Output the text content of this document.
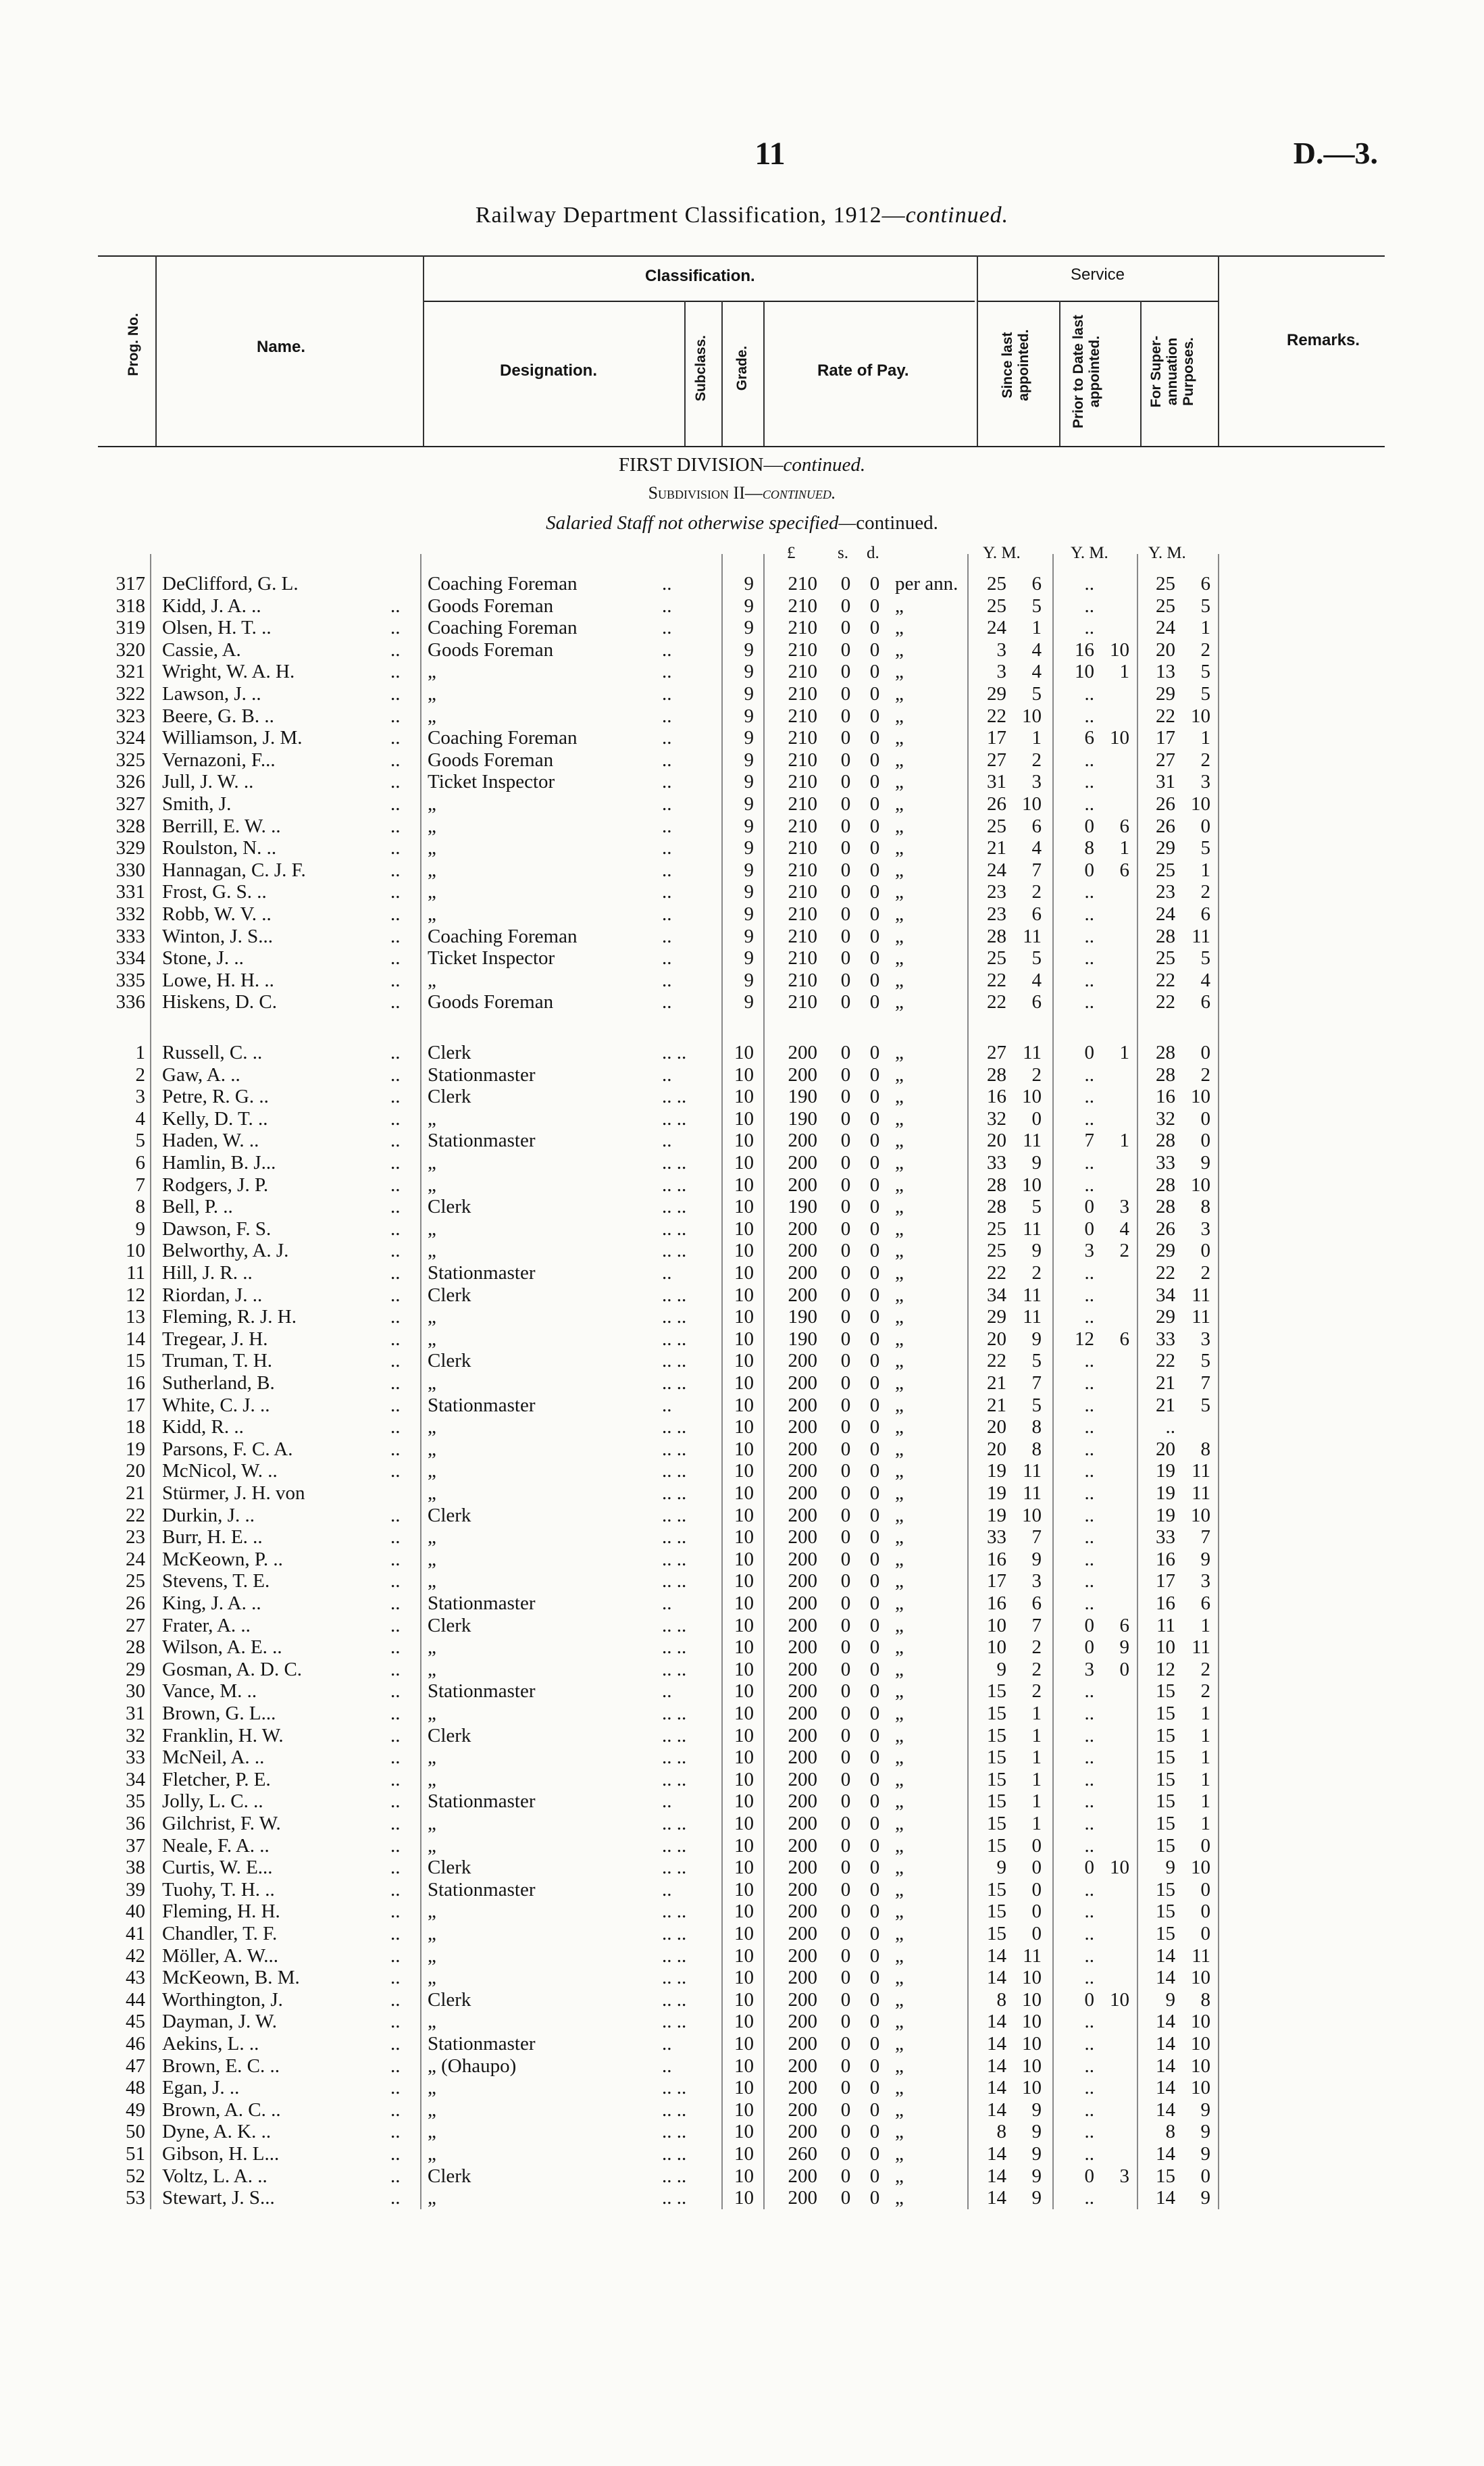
11	D.—3.
Railway Department Classification, 1912—continued.
Prog. No.	Name.
Classification.
Designation.	Subclass. Grade.	Rate of Pay.
Service
Since last appointed.	Prior to Date last appointed.	For Super-annuation Purposes.	Remarks.
FIRST DIVISION—continued.
Subdivision II—continued.
Salaried Staff not otherwise specified—continued.
£	s. d.	Y. M.	Y. M. Y. M.
317 DeClifford, G. L.	Coaching Foreman	..	9	210 0 0 per ann.	25	6	..	25	6
318 Kidd, J. A. ..	.. Goods Foreman	..	9	210 0 0 „	25	5	..	25	5
319 Olsen, H. T. ..	.. Coaching Foreman	..	9	210 0 0 „	24	1	..	24	1
320 Cassie, A.	.. Goods Foreman	..	9	210 0 0 „	3	4	16 10	20	2
321 Wright, W. A. H.	.. „	..	9	210 0 0 „	3	4	10	1	13	5
322 Lawson, J. ..	.. „	..	9	210 0 0 „	29	5	..	29	5
323 Beere, G. B. ..	.. „	..	9	210 0 0 „	22 10	..	22 10
324 Williamson, J. M.	.. Coaching Foreman	..	9	210 0 0 „	17	1	6 10	17	1
325 Vernazoni, F...	.. Goods Foreman	..	9	210 0 0 „	27	2	..	27	2
326 Jull, J. W. ..	.. Ticket Inspector	..	9	210 0 0 „	31	3	..	31	3
327 Smith, J.	.. „	..	9	210 0 0 „	26 10	..	26 10
328 Berrill, E. W. ..	.. „	..	9	210 0 0 „	25	6	0	6	26	0
329 Roulston, N. ..	.. „	..	9	210 0 0 „	21	4	8	1	29	5
330 Hannagan, C. J. F.	.. „	..	9	210 0 0 „	24	7	0	6	25	1
331 Frost, G. S. ..	.. „	..	9	210 0 0 „	23	2	..	23	2
332 Robb, W. V. ..	.. „	..	9	210 0 0 „	23	6	..	24	6
333 Winton, J. S...	.. Coaching Foreman	..	9	210 0 0 „	28 11	..	28 11
334 Stone, J. ..	.. Ticket Inspector	..	9	210 0 0 „	25	5	..	25	5
335 Lowe, H. H. ..	.. „	..	9	210 0 0 „	22	4	..	22	4
336 Hiskens, D. C.	.. Goods Foreman	..	9	210 0 0 „	22	6	..	22	6
1 Russell, C. ..	.. Clerk	.. ..	10	200 0 0 „	27 11	0	1	28	0
2 Gaw, A. ..	.. Stationmaster	..	10	200 0 0 „	28	2	..	28	2
3 Petre, R. G. ..	.. Clerk	.. ..	10	190 0 0 „	16 10	..	16 10
4 Kelly, D. T. ..	.. „	.. ..	10	190 0 0 „	32	0	..	32	0
5 Haden, W. ..	.. Stationmaster	..	10	200 0 0 „	20 11	7	1	28	0
6 Hamlin, B. J...	.. „	.. ..	10	200 0 0 „	33	9	..	33	9
7 Rodgers, J. P.	.. „	.. ..	10	200 0 0 „	28 10	..	28 10
8 Bell, P. ..	.. Clerk	.. ..	10	190 0 0 „	28	5	0	3	28	8
9 Dawson, F. S.	.. „	.. ..	10	200 0 0 „	25 11	0	4	26	3
10 Belworthy, A. J.	.. „	.. ..	10	200 0 0 „	25	9	3	2	29	0
11 Hill, J. R. ..	.. Stationmaster	..	10	200 0 0 „	22	2	..	22	2
12 Riordan, J. ..	.. Clerk	.. ..	10	200 0 0 „	34 11	..	34 11
13 Fleming, R. J. H.	.. „	.. ..	10	190 0 0 „	29 11	..	29 11
14 Tregear, J. H.	.. „	.. ..	10	190 0 0 „	20	9	12	6	33	3
15 Truman, T. H.	.. Clerk	.. ..	10	200 0 0 „	22	5	..	22	5
16 Sutherland, B.	.. „	.. ..	10	200 0 0 „	21	7	..	21	7
17 White, C. J. ..	.. Stationmaster	..	10	200 0 0 „	21	5	..	21	5
18 Kidd, R. ..	.. „	.. ..	10	200 0 0 „	20	8	..	..
19 Parsons, F. C. A.	.. „	.. ..	10	200 0 0 „	20	8	..	20	8
20 McNicol, W. ..	.. „	.. ..	10	200 0 0 „	19 11	..	19 11
21 Stürmer, J. H. von	„	.. ..	10	200 0 0 „	19 11	..	19 11
22 Durkin, J. ..	.. Clerk	.. ..	10	200 0 0 „	19 10	..	19 10
23 Burr, H. E. ..	.. „	.. ..	10	200 0 0 „	33	7	..	33	7
24 McKeown, P. ..	.. „	.. ..	10	200 0 0 „	16	9	..	16	9
25 Stevens, T. E.	.. „	.. ..	10	200 0 0 „	17	3	..	17	3
26 King, J. A. ..	.. Stationmaster	..	10	200 0 0 „	16	6	..	16	6
27 Frater, A. ..	.. Clerk	.. ..	10	200 0 0 „	10	7	0	6	11	1
28 Wilson, A. E. ..	.. „	.. ..	10	200 0 0 „	10	2	0	9	10 11
29 Gosman, A. D. C.	.. „	.. ..	10	200 0 0 „	9	2	3	0	12	2
30 Vance, M. ..	.. Stationmaster	..	10	200 0 0 „	15	2	..	15	2
31 Brown, G. L...	.. „	.. ..	10	200 0 0 „	15	1	..	15	1
32 Franklin, H. W.	.. Clerk	.. ..	10	200 0 0 „	15	1	..	15	1
33 McNeil, A. ..	.. „	.. ..	10	200 0 0 „	15	1	..	15	1
34 Fletcher, P. E.	.. „	.. ..	10	200 0 0 „	15	1	..	15	1
35 Jolly, L. C. ..	.. Stationmaster	..	10	200 0 0 „	15	1	..	15	1
36 Gilchrist, F. W.	.. „	.. ..	10	200 0 0 „	15	1	..	15	1
37 Neale, F. A. ..	.. „	.. ..	10	200 0 0 „	15	0	..	15	0
38 Curtis, W. E...	.. Clerk	.. ..	10	200 0 0 „	9	0	0 10	9 10
39 Tuohy, T. H. ..	.. Stationmaster	..	10	200 0 0 „	15	0	..	15	0
40 Fleming, H. H.	.. „	.. ..	10	200 0 0 „	15	0	..	15	0
41 Chandler, T. F.	.. „	.. ..	10	200 0 0 „	15	0	..	15	0
42 Möller, A. W...	.. „	.. ..	10	200 0 0 „	14 11	..	14 11
43 McKeown, B. M.	.. „	.. ..	10	200 0 0 „	14 10	..	14 10
44 Worthington, J.	.. Clerk	.. ..	10	200 0 0 „	8 10	0 10	9	8
45 Dayman, J. W.	.. „	.. ..	10	200 0 0 „	14 10	..	14 10
46 Aekins, L. ..	.. Stationmaster	..	10	200 0 0 „	14 10	..	14 10
47 Brown, E. C. ..	.. „ (Ohaupo)	..	10	200 0 0 „	14 10	..	14 10
48 Egan, J. ..	.. „	.. ..	10	200 0 0 „	14 10	..	14 10
49 Brown, A. C. ..	.. „	.. ..	10	200 0 0 „	14	9	..	14	9
50 Dyne, A. K. ..	.. „	.. ..	10	200 0 0 „	8	9	..	8	9
51 Gibson, H. L...	.. „	.. ..	10	260 0 0 „	14	9	..	14	9
52 Voltz, L. A. ..	.. Clerk	.. ..	10	200 0 0 „	14	9	0	3	15	0
53 Stewart, J. S...	.. „	.. ..	10	200 0 0 „	14	9	..	14	9
